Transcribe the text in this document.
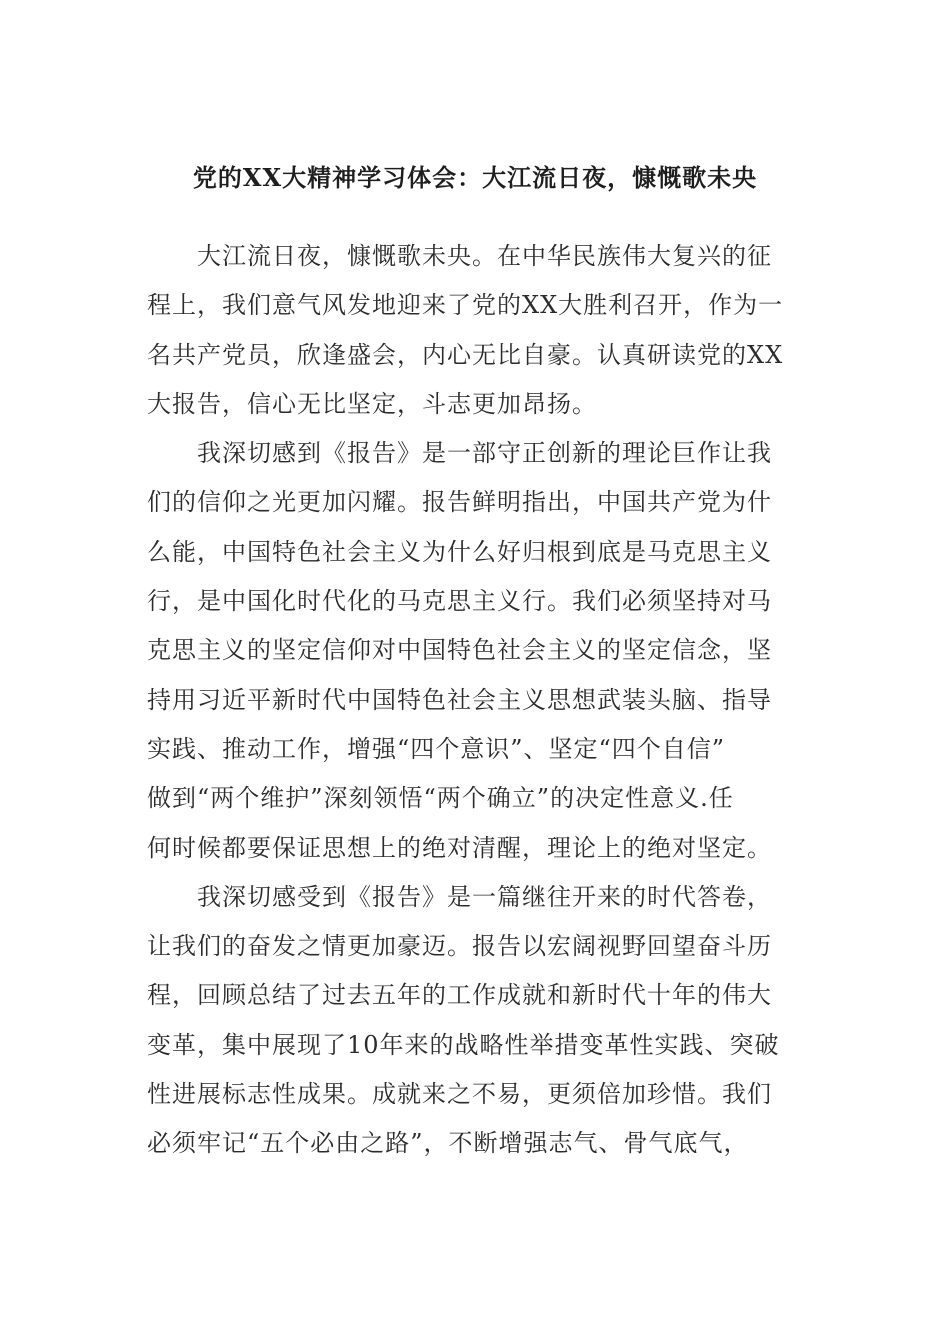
党的XX大精神学习体会：大江流日夜，慷慨歌未央
大江流日夜，慷慨歌未央。在中华民族伟大复兴的征
程上，我们意气风发地迎来了党的XX大胜利召开，作为一
名共产党员，欣逢盛会，内心无比自豪。认真研读党的XX
大报告，信心无比坚定，斗志更加昂扬。
我深切感到《报告》是一部守正创新的理论巨作让我
们的信仰之光更加闪耀。报告鲜明指出，中国共产党为什
么能，中国特色社会主义为什么好归根到底是马克思主义
行，是中国化时代化的马克思主义行。我们必须坚持对马
克思主义的坚定信仰对中国特色社会主义的坚定信念，坚
持用习近平新时代中国特色社会主义思想武装头脑、指导
实践、推动工作，增强“四个意识”、坚定“四个自信”
做到“两个维护”深刻领悟“两个确立”的决定性意义.任
何时候都要保证思想上的绝对清醒，理论上的绝对坚定。
我深切感受到《报告》是一篇继往开来的时代答卷，
让我们的奋发之情更加豪迈。报告以宏阔视野回望奋斗历
程，回顾总结了过去五年的工作成就和新时代十年的伟大
变革，集中展现了10年来的战略性举措变革性实践、突破
性进展标志性成果。成就来之不易，更须倍加珍惜。我们
必须牢记“五个必由之路”，不断增强志气、骨气底气，
